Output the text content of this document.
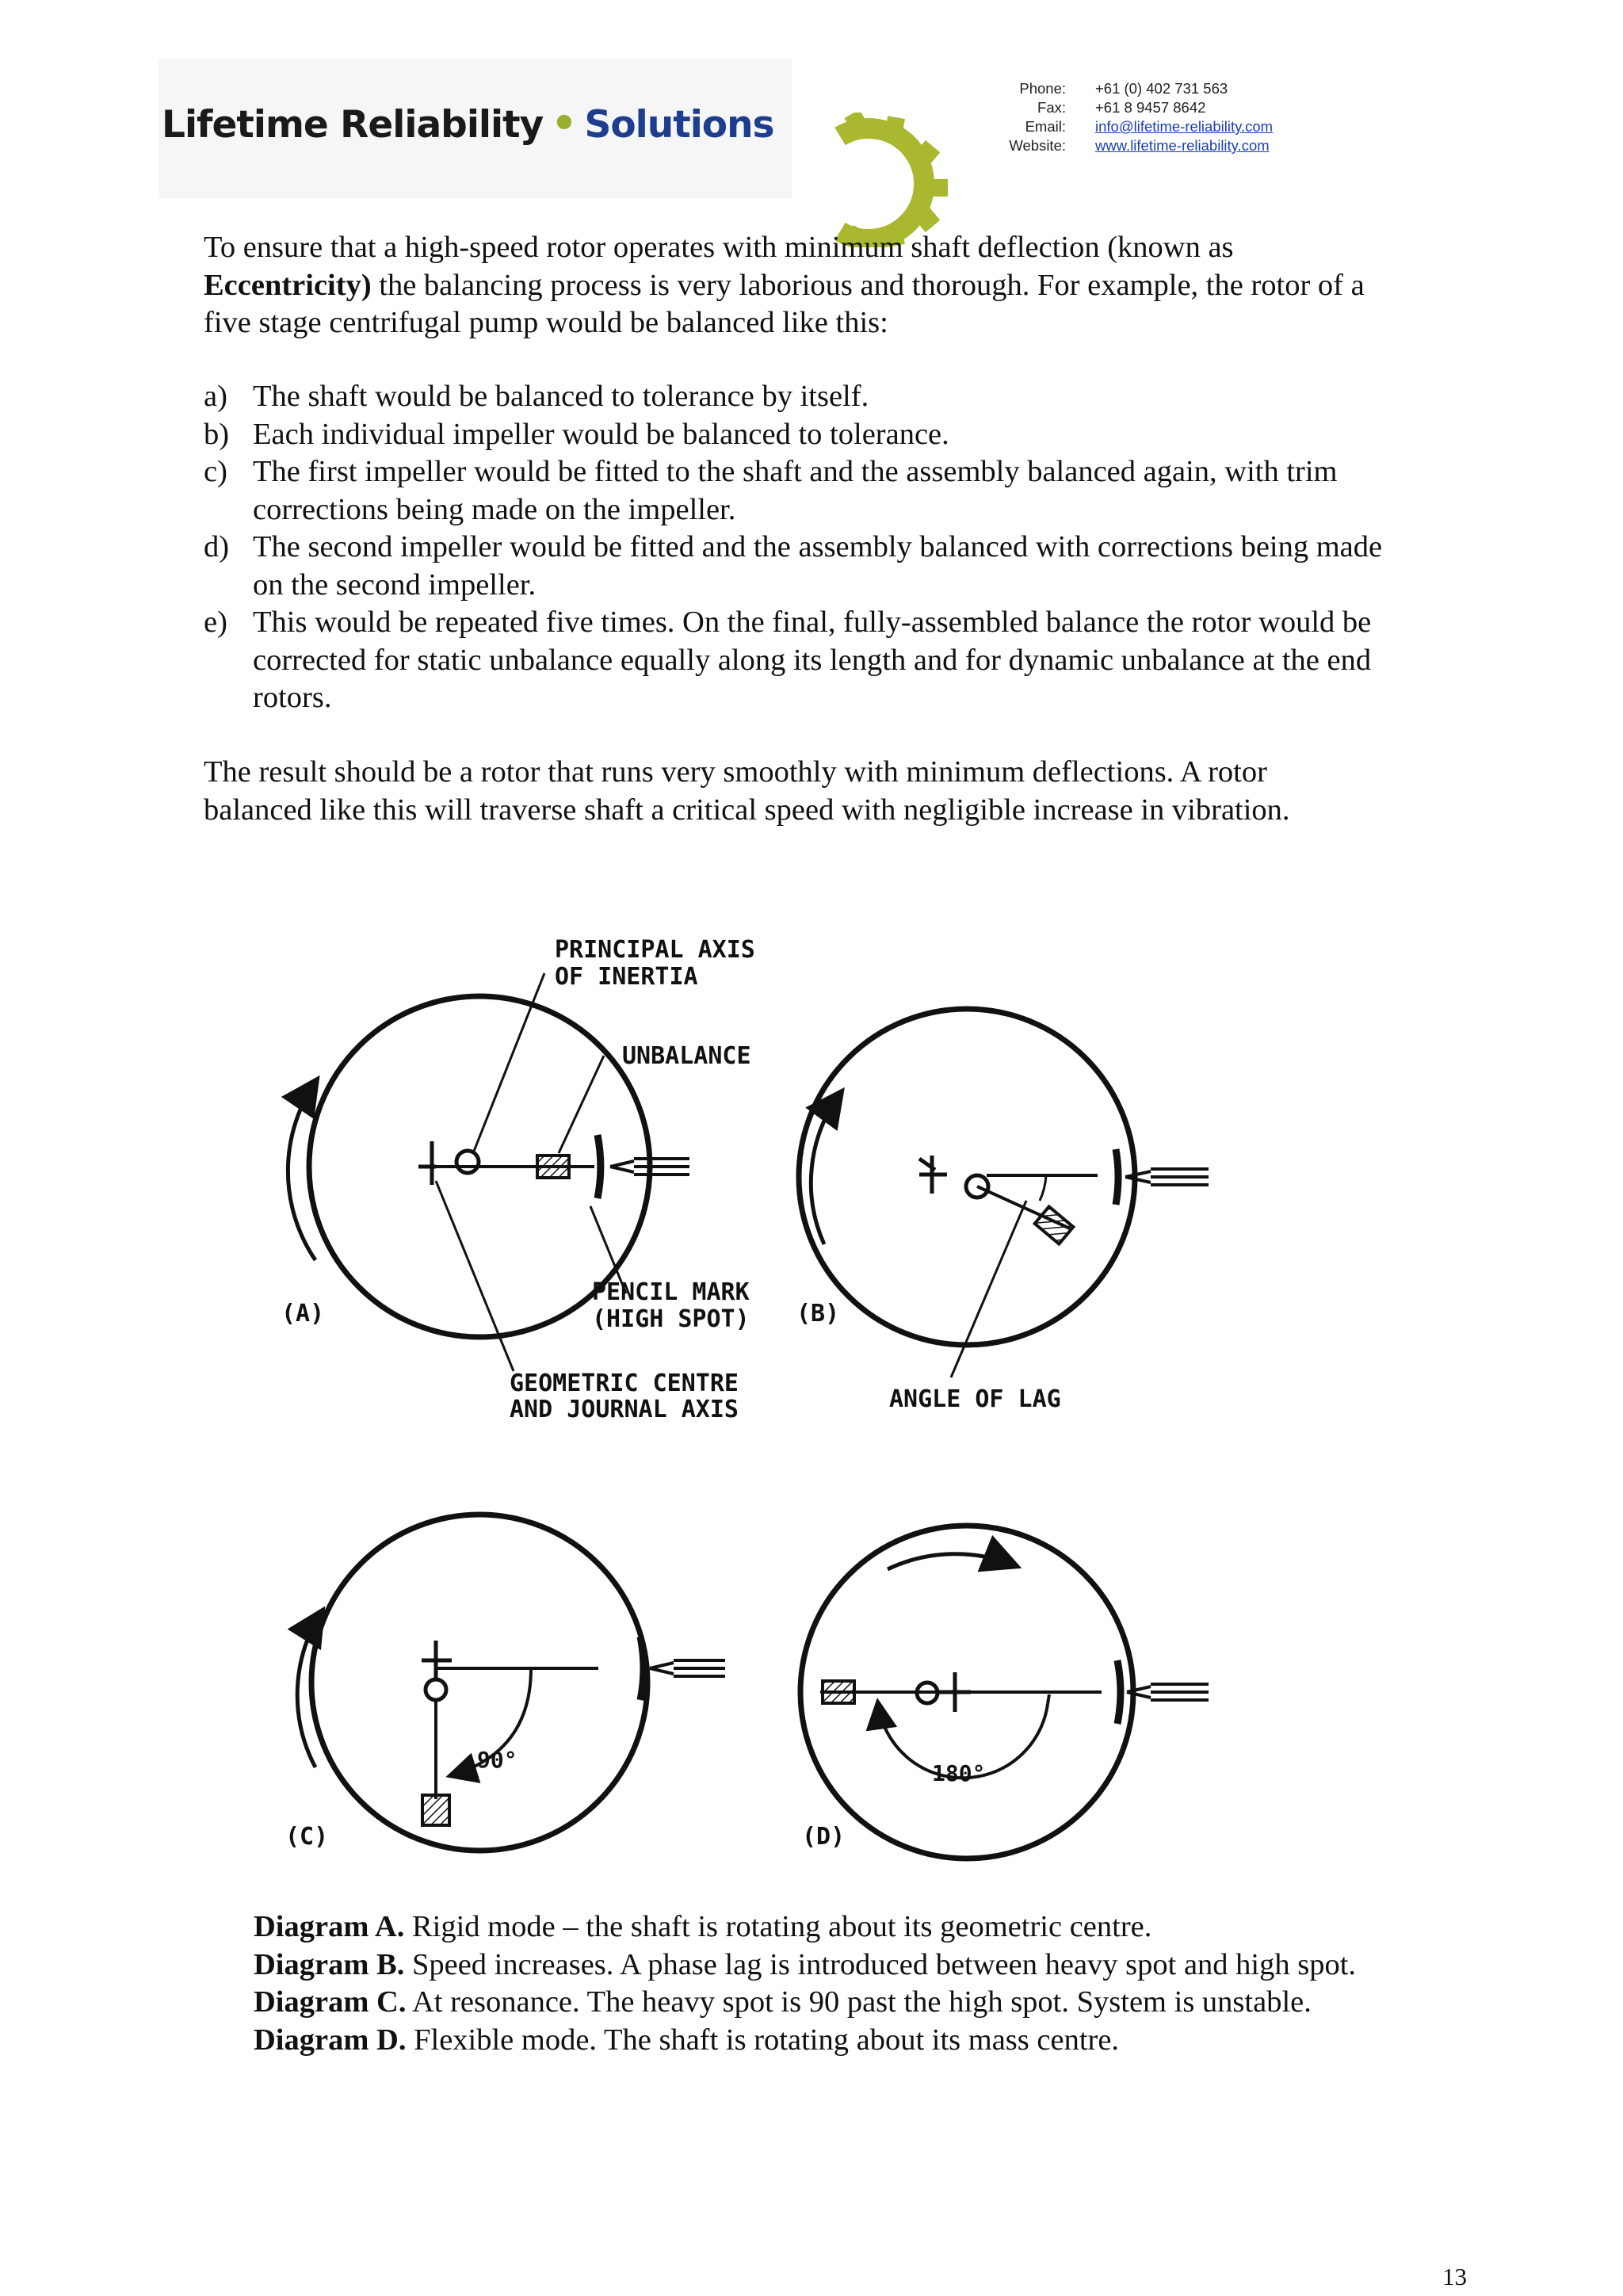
Lifetime Reliability • Solutions
Phone:	+61 (0) 402 731 563
Fax:	+61 8 9457 8642
Email:	info@lifetime-reliability.com
Website:	www.lifetime-reliability.com
To ensure that a high-speed rotor operates with minimum shaft deflection (known as
Eccentricity) the balancing process is very laborious and thorough. For example, the rotor of a
five stage centrifugal pump would be balanced like this:
a) The shaft would be balanced to tolerance by itself.
b) Each individual impeller would be balanced to tolerance.
c) The first impeller would be fitted to the shaft and the assembly balanced again, with trim
corrections being made on the impeller.
d) The second impeller would be fitted and the assembly balanced with corrections being made
on the second impeller.
e) This would be repeated five times. On the final, fully-assembled balance the rotor would be
corrected for static unbalance equally along its length and for dynamic unbalance at the end
rotors.
The result should be a rotor that runs very smoothly with minimum deflections. A rotor
balanced like this will traverse shaft a critical speed with negligible increase in vibration.
PRINCIPAL AXIS
OF INERTIA
UNBALANCE
PENCIL MARK
(HIGH SPOT)
GEOMETRIC CENTRE
AND JOURNAL AXIS
(A)
ANGLE OF LAG
(B)
90°
(C)
180°
(D)
Diagram A. Rigid mode – the shaft is rotating about its geometric centre.
Diagram B. Speed increases. A phase lag is introduced between heavy spot and high spot.
Diagram C. At resonance. The heavy spot is 90 past the high spot. System is unstable.
Diagram D. Flexible mode. The shaft is rotating about its mass centre.
13
